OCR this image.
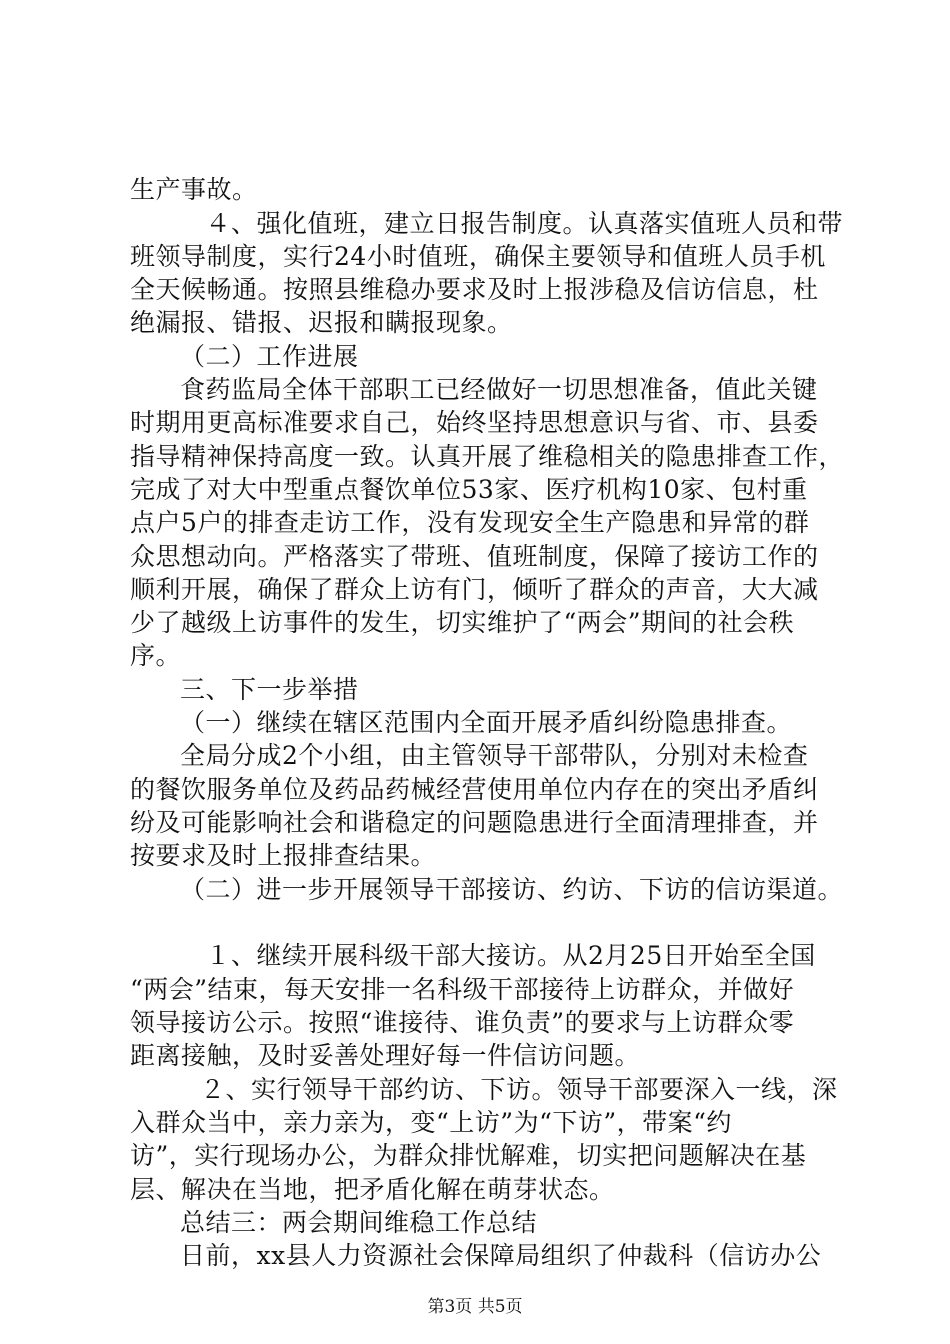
生产事故。
　４、强化值班，建立日报告制度。认真落实值班人员和带
班领导制度，实行24小时值班，确保主要领导和值班人员手机
全天候畅通。按照县维稳办要求及时上报涉稳及信访信息，杜
绝漏报、错报、迟报和瞒报现象。
（二）工作进展
食药监局全体干部职工已经做好一切思想准备，值此关键
时期用更高标准要求自己，始终坚持思想意识与省、市、县委
指导精神保持高度一致。认真开展了维稳相关的隐患排查工作，
完成了对大中型重点餐饮单位53家、医疗机构10家、包村重
点户5户的排查走访工作，没有发现安全生产隐患和异常的群
众思想动向。严格落实了带班、值班制度，保障了接访工作的
顺利开展，确保了群众上访有门，倾听了群众的声音，大大减
少了越级上访事件的发生，切实维护了“两会”期间的社会秩
序。
三、下一步举措
（一）继续在辖区范围内全面开展矛盾纠纷隐患排查。
全局分成2个小组，由主管领导干部带队，分别对未检查
的餐饮服务单位及药品药械经营使用单位内存在的突出矛盾纠
纷及可能影响社会和谐稳定的问题隐患进行全面清理排查，并
按要求及时上报排查结果。
（二）进一步开展领导干部接访、约访、下访的信访渠道。
　１、继续开展科级干部大接访。从2月25日开始至全国
“两会”结束，每天安排一名科级干部接待上访群众，并做好
领导接访公示。按照“谁接待、谁负责”的要求与上访群众零
距离接触，及时妥善处理好每一件信访问题。
２、实行领导干部约访、下访。领导干部要深入一线，深
入群众当中，亲力亲为，变“上访”为“下访”，带案“约
访”，实行现场办公，为群众排忧解难，切实把问题解决在基
层、解决在当地，把矛盾化解在萌芽状态。
总结三：两会期间维稳工作总结
日前，xx县人力资源社会保障局组织了仲裁科（信访办公
第3页 共5页
